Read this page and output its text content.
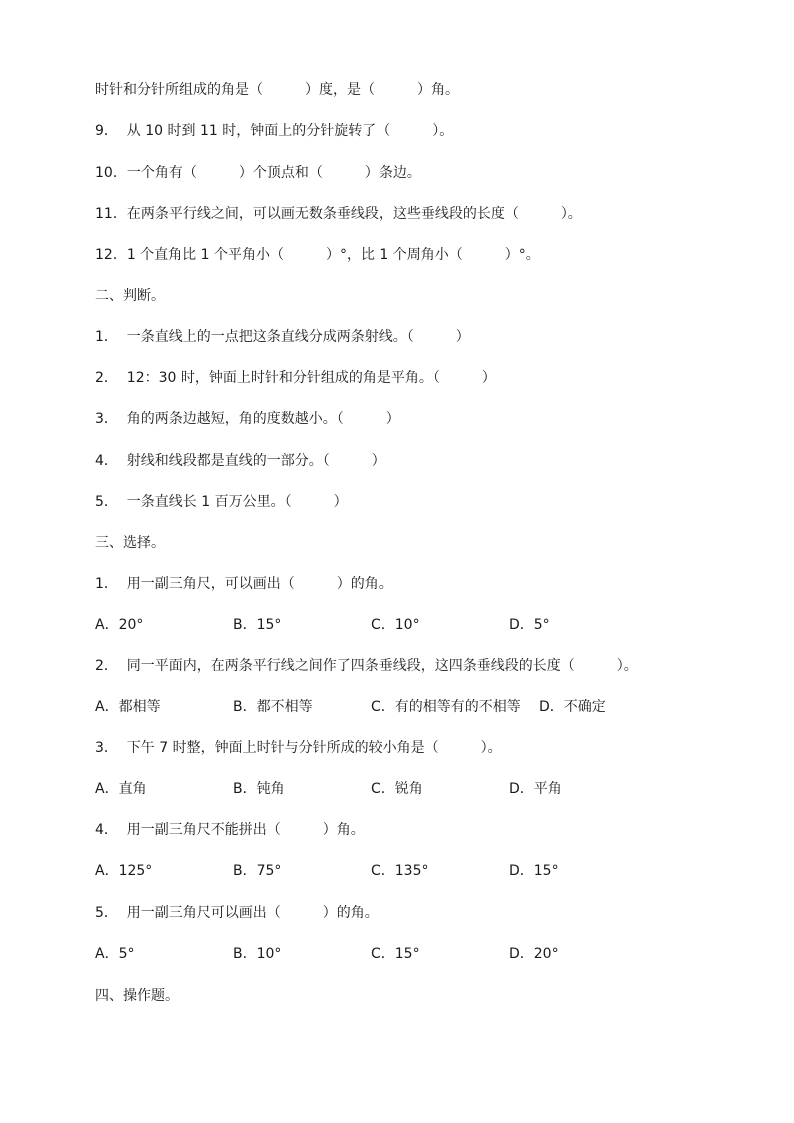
时针和分针所组成的角是（　　　）度，是（　　　）角。
9．  从 10 时到 11 时，钟面上的分针旋转了（　　　）。
10．一个角有（　　　）个顶点和（　　　）条边。
11．在两条平行线之间，可以画无数条垂线段，这些垂线段的长度（　　　）。
12．1 个直角比 1 个平角小（　　　）°，比 1 个周角小（　　　）°。
二、判断。
1．  一条直线上的一点把这条直线分成两条射线。（　　　）
2．  12：30 时，钟面上时针和分针组成的角是平角。（　　　）
3．  角的两条边越短，角的度数越小。（　　　）
4．  射线和线段都是直线的一部分。（　　　）
5．  一条直线长 1 百万公里。（　　　）
三、选择。
1．  用一副三角尺，可以画出（　　　）的角。
A．20°	B．15°	C．10°	D．5°
2．  同一平面内，在两条平行线之间作了四条垂线段，这四条垂线段的长度（　　　）。
A．都相等	B．都不相等	C．有的相等有的不相等 D．不确定
3．  下午 7 时整，钟面上时针与分针所成的较小角是（　　　）。
A．直角	B．钝角	C．锐角	D．平角
4．  用一副三角尺不能拼出（　　　）角。
A．125°	B．75°	C．135°	D．15°
5．  用一副三角尺可以画出（　　　）的角。
A．5°	B．10°	C．15°	D．20°
四、操作题。
